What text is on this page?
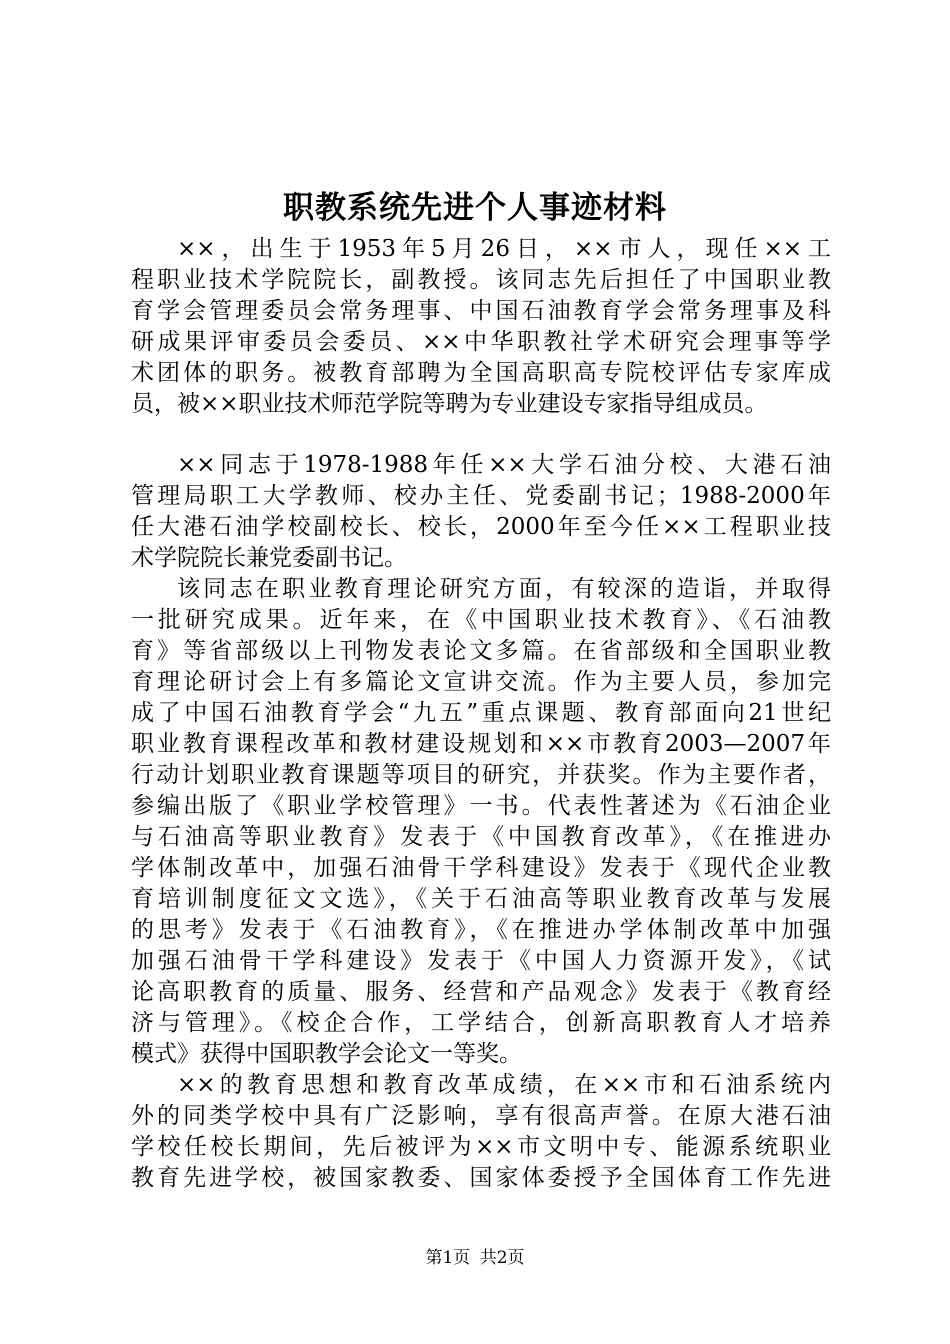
职教系统先进个人事迹材料
××，出生于1953年5月26日，××市人，现任××工
程职业技术学院院长，副教授。该同志先后担任了中国职业教
育学会管理委员会常务理事、中国石油教育学会常务理事及科
研成果评审委员会委员、××中华职教社学术研究会理事等学
术团体的职务。被教育部聘为全国高职高专院校评估专家库成
员，被××职业技术师范学院等聘为专业建设专家指导组成员。
××同志于1978-1988年任××大学石油分校、大港石油
管理局职工大学教师、校办主任、党委副书记；1988-2000年
任大港石油学校副校长、校长，2000年至今任××工程职业技
术学院院长兼党委副书记。
该同志在职业教育理论研究方面，有较深的造诣，并取得
一批研究成果。近年来，在《中国职业技术教育》、《石油教
育》等省部级以上刊物发表论文多篇。在省部级和全国职业教
育理论研讨会上有多篇论文宣讲交流。作为主要人员，参加完
成了中国石油教育学会“九五”重点课题、教育部面向21世纪
职业教育课程改革和教材建设规划和××市教育2003—2007年
行动计划职业教育课题等项目的研究，并获奖。作为主要作者，
参编出版了《职业学校管理》一书。代表性著述为《石油企业
与石油高等职业教育》发表于《中国教育改革》，《在推进办
学体制改革中，加强石油骨干学科建设》发表于《现代企业教
育培训制度征文文选》，《关于石油高等职业教育改革与发展
的思考》发表于《石油教育》，《在推进办学体制改革中加强
加强石油骨干学科建设》发表于《中国人力资源开发》，《试
论高职教育的质量、服务、经营和产品观念》发表于《教育经
济与管理》。《校企合作，工学结合，创新高职教育人才培养
模式》获得中国职教学会论文一等奖。
××的教育思想和教育改革成绩，在××市和石油系统内
外的同类学校中具有广泛影响，享有很高声誉。在原大港石油
学校任校长期间，先后被评为××市文明中专、能源系统职业
教育先进学校，被国家教委、国家体委授予全国体育工作先进
第1页 共2页
